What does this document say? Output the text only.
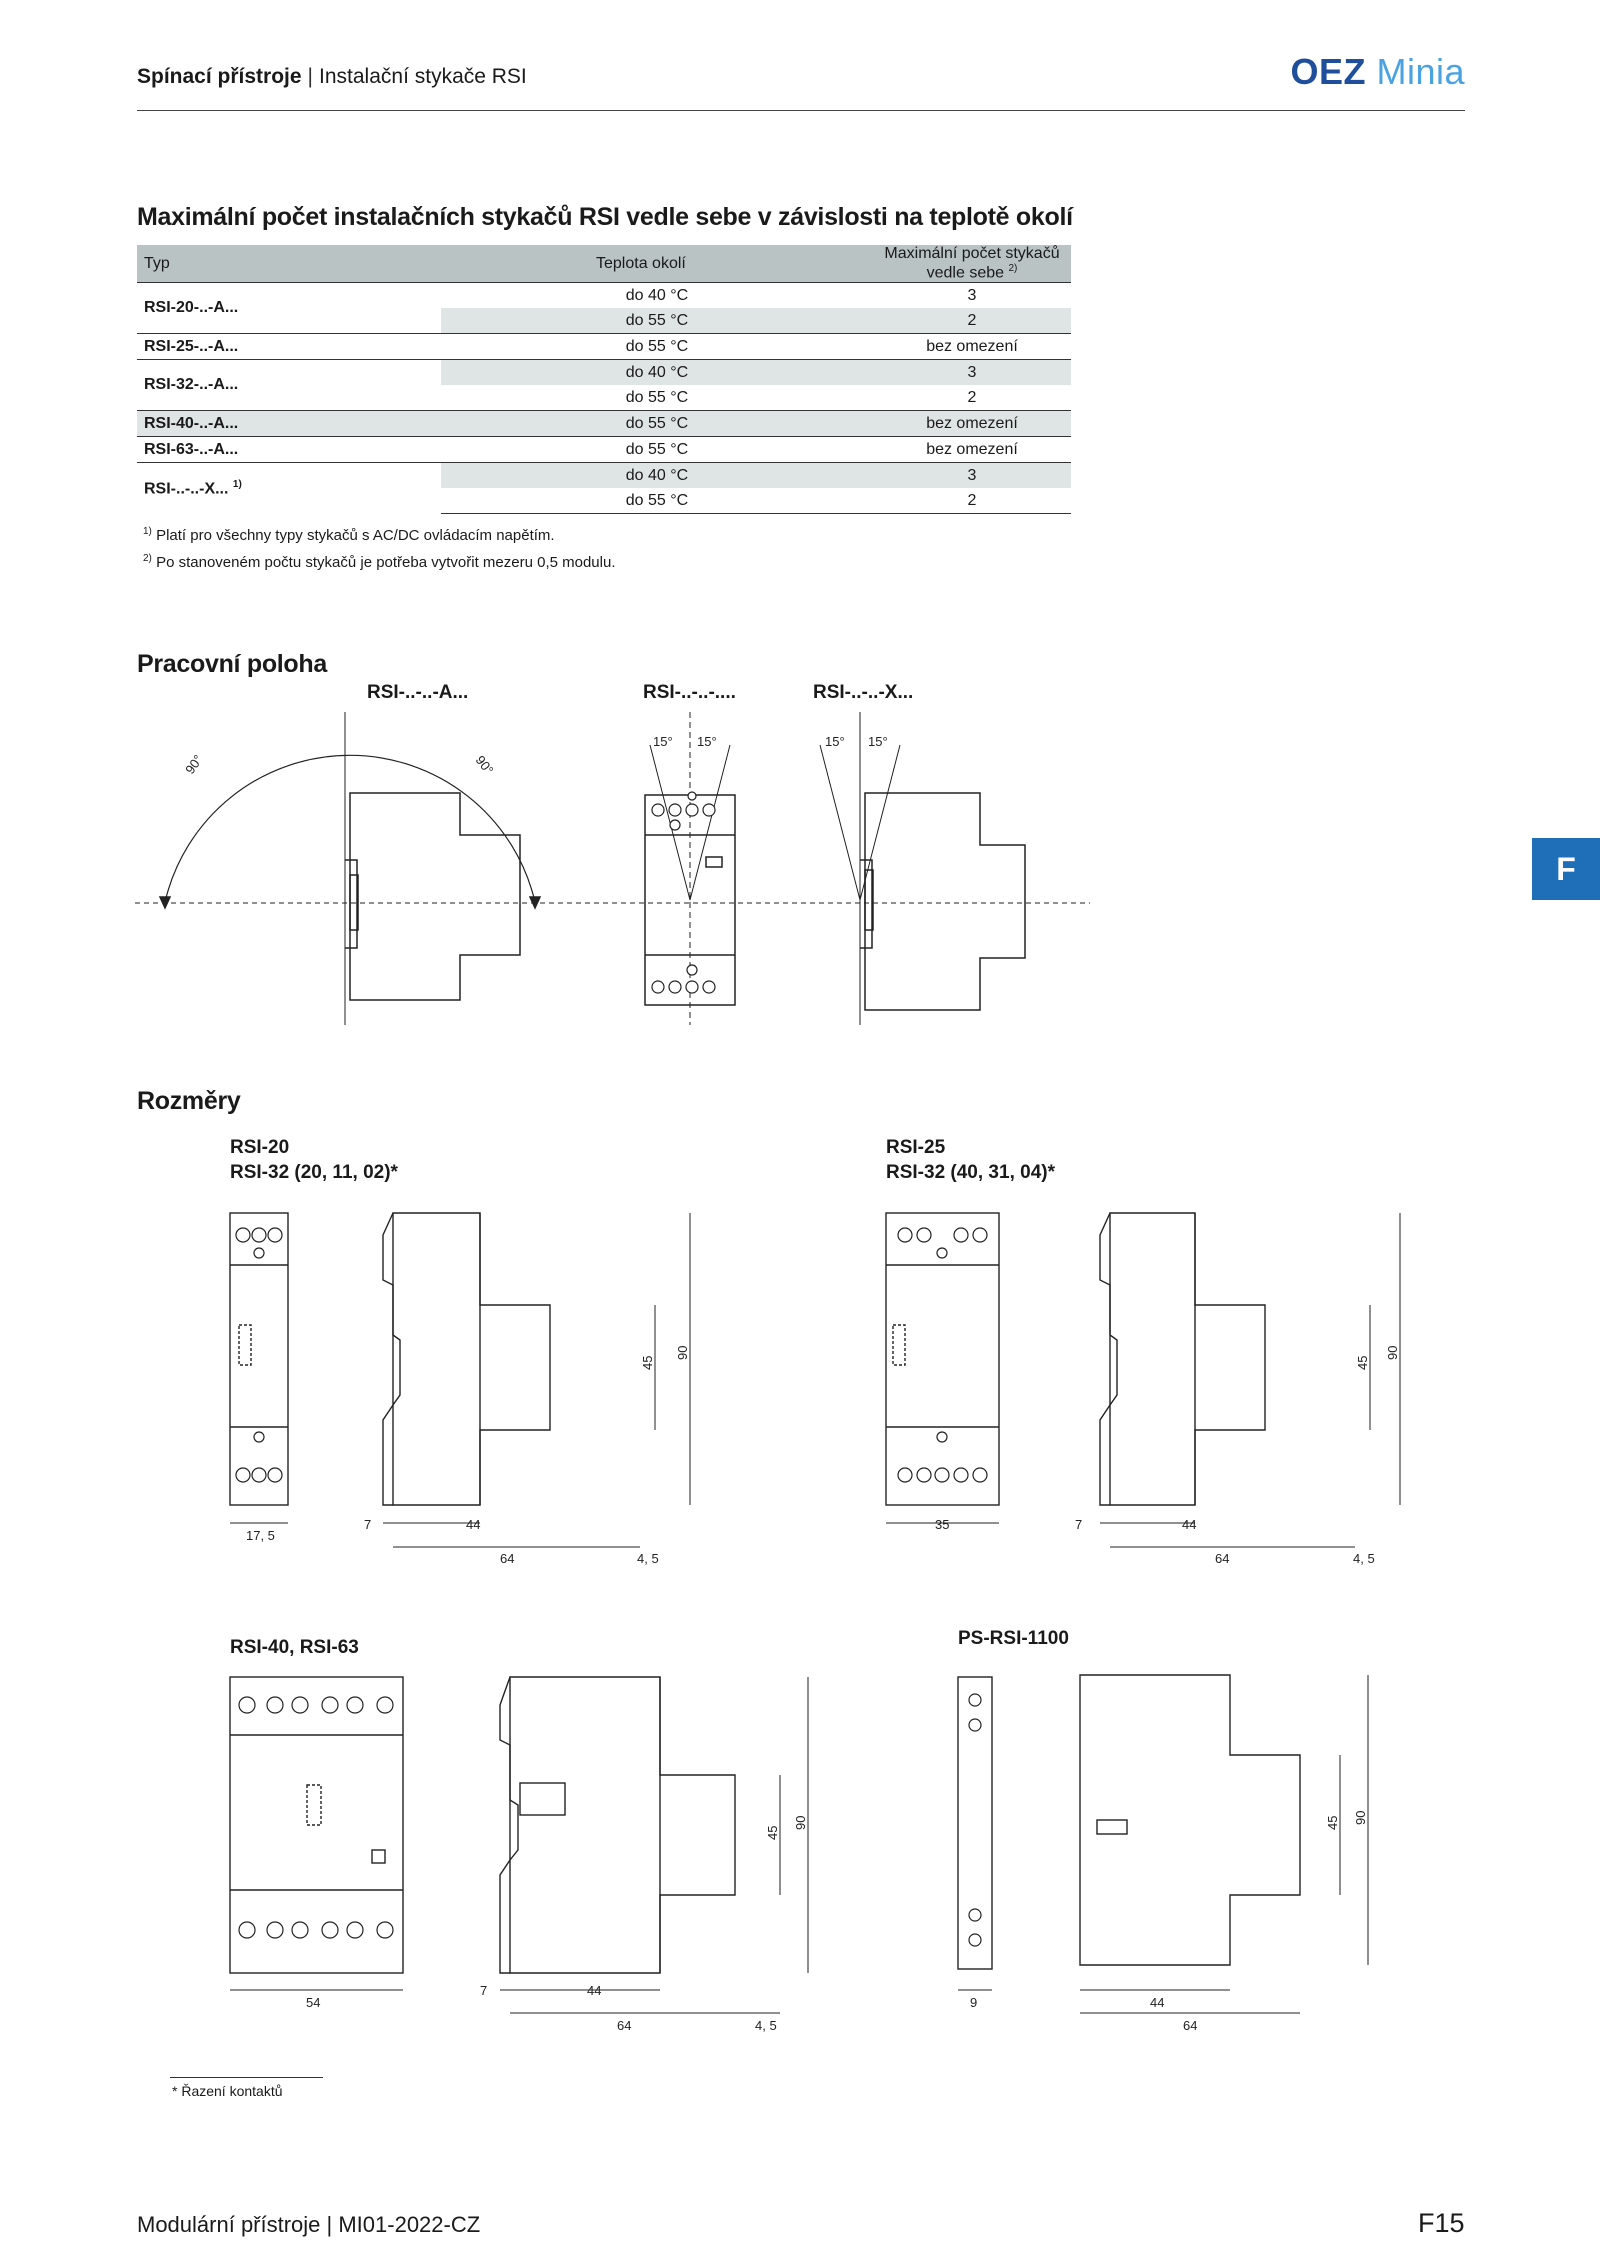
Spínací přístroje | Instalační stykače RSI	OEZ Minia
Maximální počet instalačních stykačů RSI vedle sebe v závislosti na teplotě okolí
Typ	Teplota okolí	Maximální počet stykačů vedle sebe $^{2)}$
RSI-20-..-A...	do 40 °C	3
	do 55 °C	2
RSI-25-..-A...	do 55 °C	bez omezení
RSI-32-..-A...	do 40 °C	3
	do 55 °C	2
RSI-40-..-A...	do 55 °C	bez omezení
RSI-63-..-A...	do 55 °C	bez omezení
RSI-..-..-X... $^{1)}$	do 40 °C	3
	do 55 °C	2
$^{1)}$ Platí pro všechny typy stykačů s AC/DC ovládacím napětím.
$^{2)}$ Po stanoveném počtu stykačů je potřeba vytvořit mezeru 0,5 modulu.
F
Pracovní poloha
RSI-..-..-A...	RSI-..-..-....	RSI-..-..-X...
90°	90°
15° 15°	15° 15°
Rozměry
RSI-20
RSI-32 (20, 11, 02)*
RSI-25
RSI-32 (40, 31, 04)*
RSI-40, RSI-63	PS-RSI-1100
17, 5
7	44
64	4, 5
35	7	44
64	4, 5
54
7	44
64	4, 5
9	44
64
45
90
45
90
45
90	45 90
* Řazení kontaktů
Modulární přístroje | MI01-2022-CZ	F15
